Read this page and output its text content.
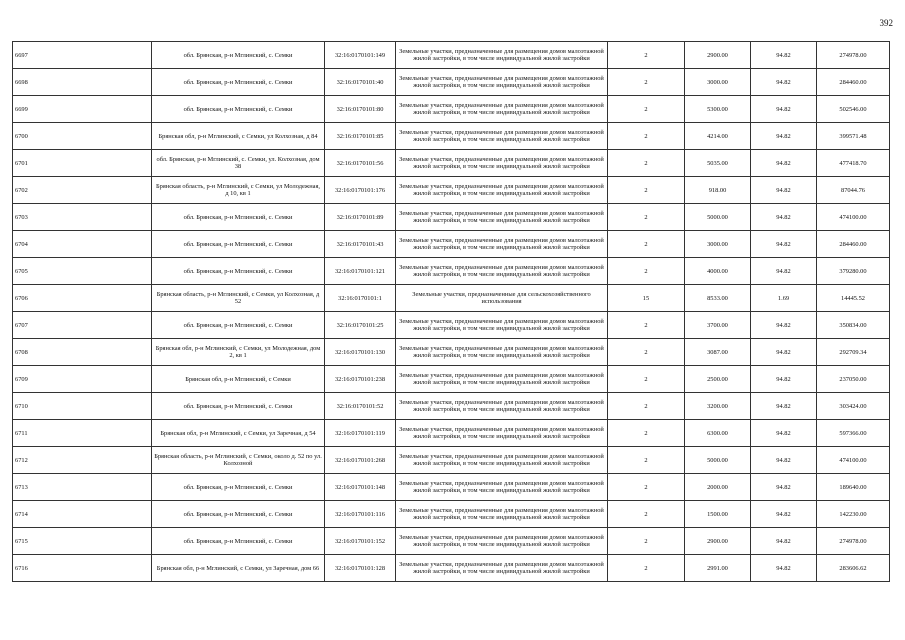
392
6697	обл. Брянская, р-н Мглинский, с. Семки	32:16:0170101:149	Земельные участки, предназначенные для размещения домов малоэтажной жилой застройки, в том числе индивидуальной жилой застройки	2	2900.00	94.82	274978.00
6698	обл. Брянская, р-н Мглинский, с. Семки	32:16:0170101:40	Земельные участки, предназначенные для размещения домов малоэтажной жилой застройки, в том числе индивидуальной жилой застройки	2	3000.00	94.82	284460.00
6699	обл. Брянская, р-н Мглинский, с. Семки	32:16:0170101:80	Земельные участки, предназначенные для размещения домов малоэтажной жилой застройки, в том числе индивидуальной жилой застройки	2	5300.00	94.82	502546.00
6700	Брянская обл, р-н Мглинский, с Семки, ул Колхозная, д 84	32:16:0170101:85	Земельные участки, предназначенные для размещения домов малоэтажной жилой застройки, в том числе индивидуальной жилой застройки	2	4214.00	94.82	399571.48
6701	обл. Брянская, р-н Мглинский, с. Семки, ул. Колхозная, дом 38	32:16:0170101:56	Земельные участки, предназначенные для размещения домов малоэтажной жилой застройки, в том числе индивидуальной жилой застройки	2	5035.00	94.82	477418.70
6702	Брянская область, р-н Мглинский, с Семки, ул Молодежная, д 10, кв 1	32:16:0170101:176	Земельные участки, предназначенные для размещения домов малоэтажной жилой застройки, в том числе индивидуальной жилой застройки	2	918.00	94.82	87044.76
6703	обл. Брянская, р-н Мглинский, с. Семки	32:16:0170101:89	Земельные участки, предназначенные для размещения домов малоэтажной жилой застройки, в том числе индивидуальной жилой застройки	2	5000.00	94.82	474100.00
6704	обл. Брянская, р-н Мглинский, с. Семки	32:16:0170101:43	Земельные участки, предназначенные для размещения домов малоэтажной жилой застройки, в том числе индивидуальной жилой застройки	2	3000.00	94.82	284460.00
6705	обл. Брянская, р-н Мглинский, с. Семки	32:16:0170101:121	Земельные участки, предназначенные для размещения домов малоэтажной жилой застройки, в том числе индивидуальной жилой застройки	2	4000.00	94.82	379280.00
6706	Брянская область, р-н Мглинский, с Семки, ул Колхозная, д 52	32:16:0170101:1	Земельные участки, предназначенные для сельскохозяйственного использования	15	8533.00	1.69	14445.52
6707	обл. Брянская, р-н Мглинский, с. Семки	32:16:0170101:25	Земельные участки, предназначенные для размещения домов малоэтажной жилой застройки, в том числе индивидуальной жилой застройки	2	3700.00	94.82	350834.00
6708	Брянская обл, р-н Мглинский, с Семки, ул Молодежная, дом 2, кв 1	32:16:0170101:130	Земельные участки, предназначенные для размещения домов малоэтажной жилой застройки, в том числе индивидуальной жилой застройки	2	3087.00	94.82	292709.34
6709	Брянская обл, р-н Мглинский, с Семки	32:16:0170101:238	Земельные участки, предназначенные для размещения домов малоэтажной жилой застройки, в том числе индивидуальной жилой застройки	2	2500.00	94.82	237050.00
6710	обл. Брянская, р-н Мглинский, с. Семки	32:16:0170101:52	Земельные участки, предназначенные для размещения домов малоэтажной жилой застройки, в том числе индивидуальной жилой застройки	2	3200.00	94.82	303424.00
6711	Брянская обл, р-н Мглинский, с Семки, ул Заречная, д 54	32:16:0170101:119	Земельные участки, предназначенные для размещения домов малоэтажной жилой застройки, в том числе индивидуальной жилой застройки	2	6300.00	94.82	597366.00
6712	Брянская область, р-н Мглинский, с Семки, около д. 52 по ул. Колхозной	32:16:0170101:268	Земельные участки, предназначенные для размещения домов малоэтажной жилой застройки, в том числе индивидуальной жилой застройки	2	5000.00	94.82	474100.00
6713	обл. Брянская, р-н Мглинский, с. Семки	32:16:0170101:148	Земельные участки, предназначенные для размещения домов малоэтажной жилой застройки, в том числе индивидуальной жилой застройки	2	2000.00	94.82	189640.00
6714	обл. Брянская, р-н Мглинский, с. Семки	32:16:0170101:116	Земельные участки, предназначенные для размещения домов малоэтажной жилой застройки, в том числе индивидуальной жилой застройки	2	1500.00	94.82	142230.00
6715	обл. Брянская, р-н Мглинский, с. Семки	32:16:0170101:152	Земельные участки, предназначенные для размещения домов малоэтажной жилой застройки, в том числе индивидуальной жилой застройки	2	2900.00	94.82	274978.00
6716	Брянская обл, р-н Мглинский, с Семки, ул Заречная, дом 66	32:16:0170101:128	Земельные участки, предназначенные для размещения домов малоэтажной жилой застройки, в том числе индивидуальной жилой застройки	2	2991.00	94.82	283606.62
